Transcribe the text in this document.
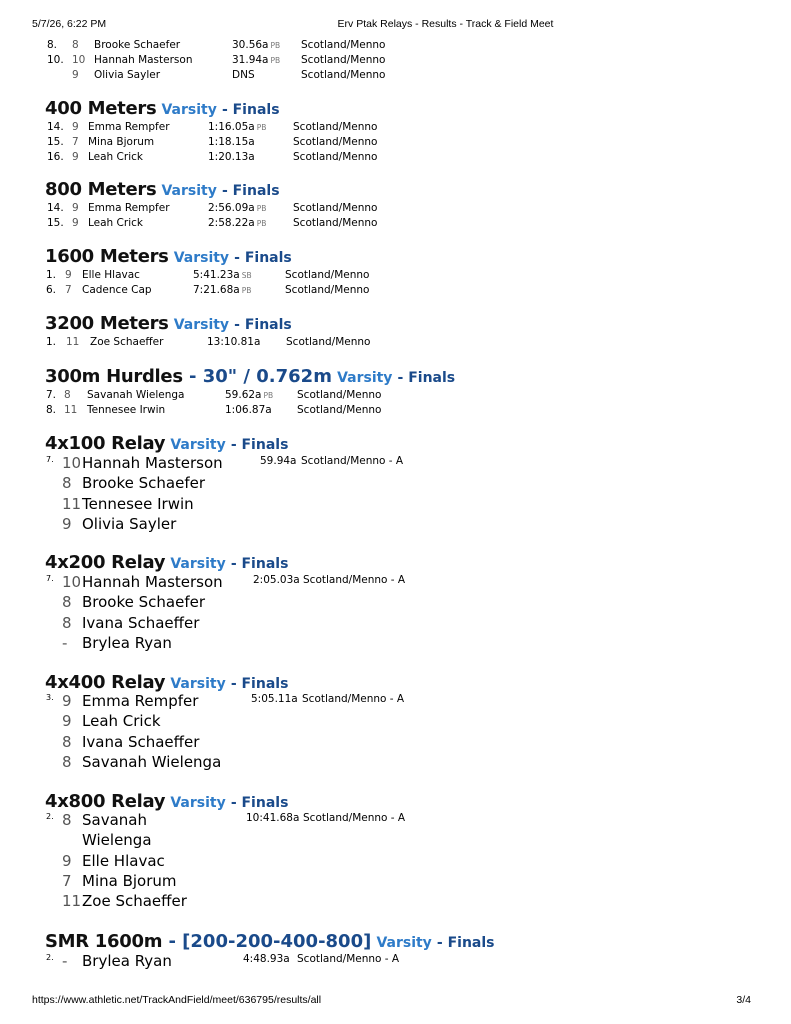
5/7/26, 6:22 PM	Erv Ptak Relays - Results - Track & Field Meet
8. 8 Brooke Schaefer	30.56a PB Scotland/Menno
10. 10 Hannah Masterson	31.94a PB Scotland/Menno
9 Olivia Sayler	DNS	Scotland/Menno
400 Meters Varsity - Finals
14. 9 Emma Rempfer	1:16.05a PB	Scotland/Menno
15. 7 Mina Bjorum	1:18.15a	Scotland/Menno
16. 9 Leah Crick	1:20.13a	Scotland/Menno
800 Meters Varsity - Finals
14. 9 Emma Rempfer	2:56.09a PB	Scotland/Menno
15. 9 Leah Crick	2:58.22a PB	Scotland/Menno
1600 Meters Varsity - Finals
1. 9 Elle Hlavac	5:41.23a SB	Scotland/Menno
6. 7 Cadence Cap	7:21.68a PB	Scotland/Menno
3200 Meters Varsity - Finals
1. 11 Zoe Schaeffer	13:10.81a Scotland/Menno
300m Hurdles - 30" / 0.762m Varsity - Finals
7. 8 Savanah Wielenga	59.62a PB Scotland/Menno
8. 11 Tennesee Irwin	1:06.87a Scotland/Menno
4x100 Relay Varsity - Finals
7.	59.94a Scotland/Menno - A
10Hannah Masterson
8 Brooke Schaefer
11Tennesee Irwin
9 Olivia Sayler
4x200 Relay Varsity - Finals
7.	2:05.03a Scotland/Menno - A
10Hannah Masterson
8 Brooke Schaefer
8 Ivana Schaeffer
- Brylea Ryan
4x400 Relay Varsity - Finals
3.	5:05.11a Scotland/Menno - A
9 Emma Rempfer
9 Leah Crick
8 Ivana Schaeffer
8 Savanah Wielenga
4x800 Relay Varsity - Finals
2.	10:41.68a Scotland/Menno - A
8 Savanah
Wielenga
9 Elle Hlavac
7 Mina Bjorum
11Zoe Schaeffer
SMR 1600m - [200-200-400-800] Varsity - Finals
2.	4:48.93a Scotland/Menno - A
- Brylea Ryan
https://www.athletic.net/TrackAndField/meet/636795/results/all	3/4
